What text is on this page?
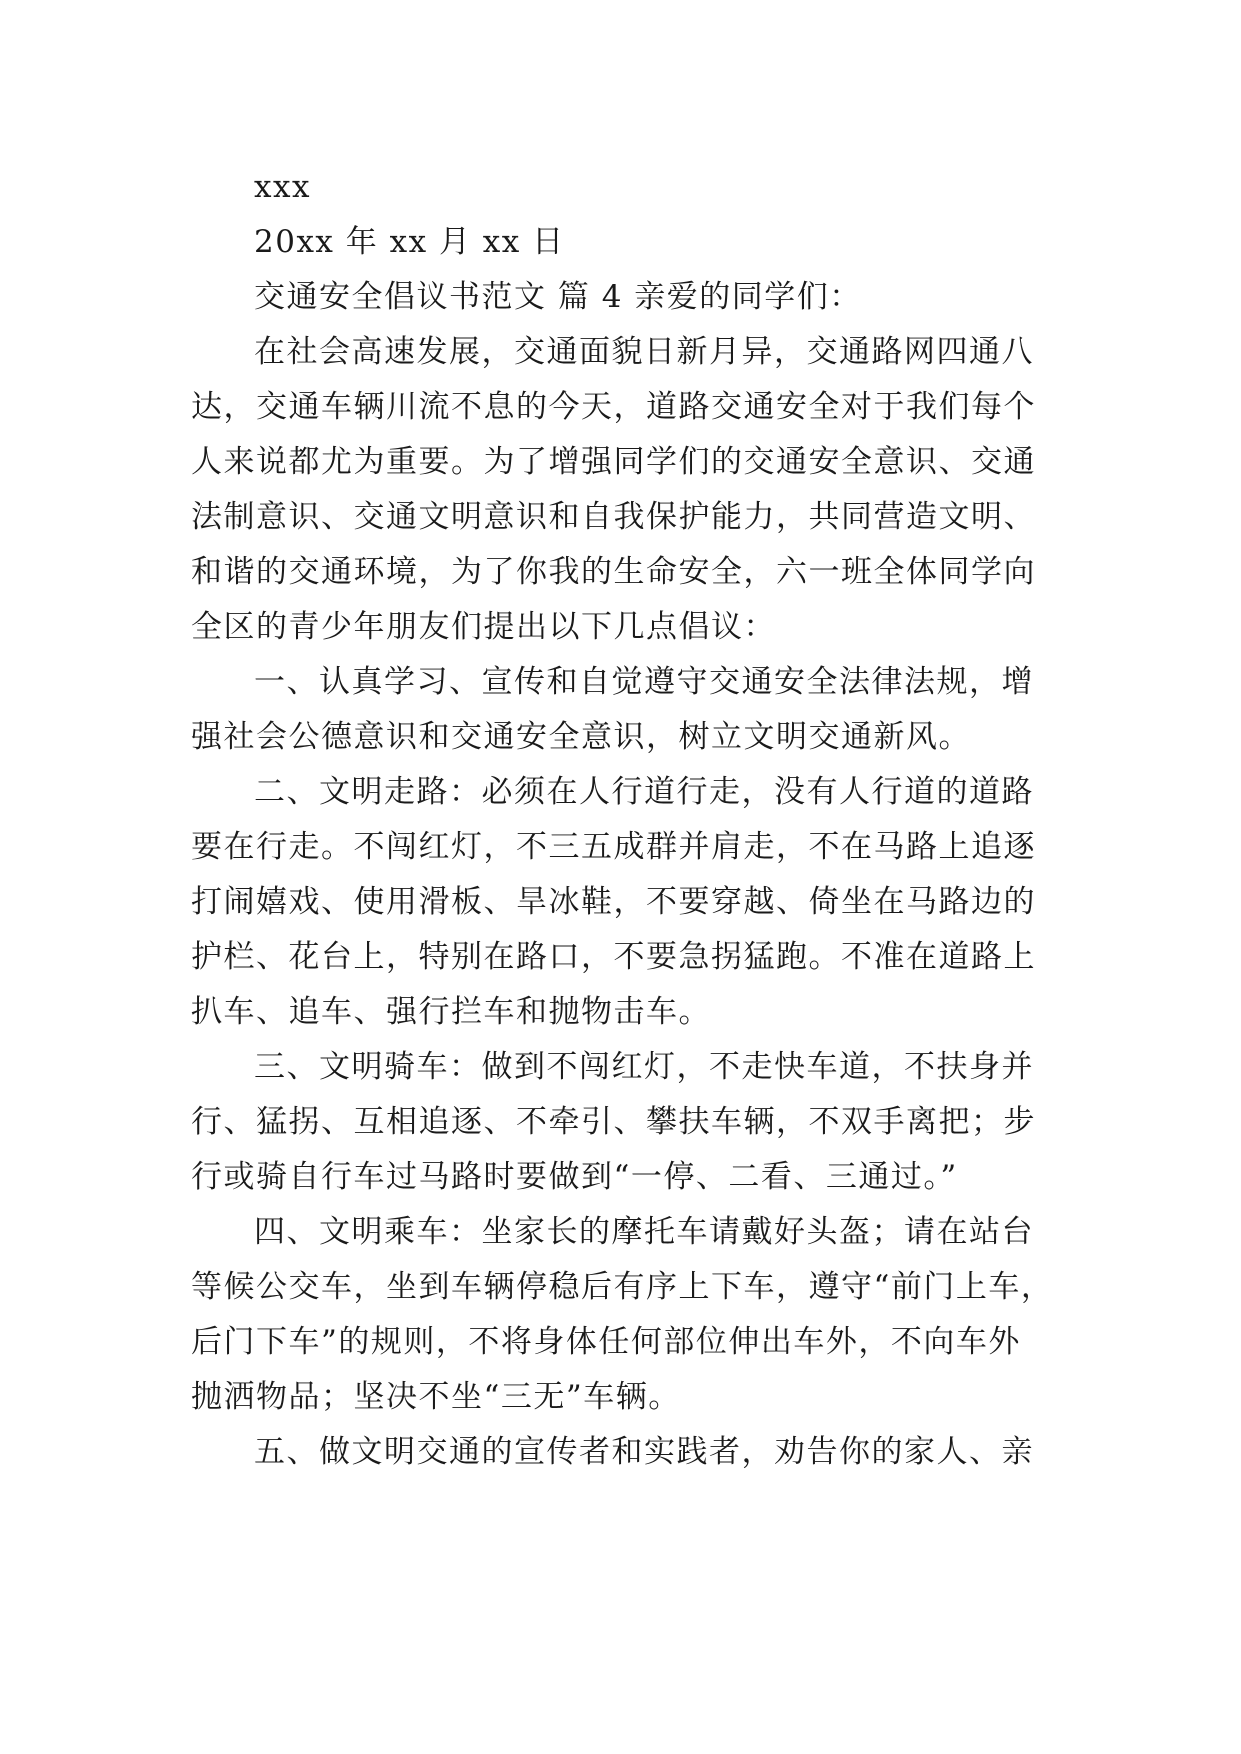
xxx
20xx 年 xx 月 xx 日
交通安全倡议书范文 篇 4 亲爱的同学们：
在社会高速发展，交通面貌日新月异，交通路网四通八
达，交通车辆川流不息的今天，道路交通安全对于我们每个
人来说都尤为重要。为了增强同学们的交通安全意识、交通
法制意识、交通文明意识和自我保护能力，共同营造文明、
和谐的交通环境，为了你我的生命安全，六一班全体同学向
全区的青少年朋友们提出以下几点倡议：
一、认真学习、宣传和自觉遵守交通安全法律法规，增
强社会公德意识和交通安全意识，树立文明交通新风。
二、文明走路：必须在人行道行走，没有人行道的道路
要在行走。不闯红灯，不三五成群并肩走，不在马路上追逐
打闹嬉戏、使用滑板、旱冰鞋，不要穿越、倚坐在马路边的
护栏、花台上，特别在路口，不要急拐猛跑。不准在道路上
扒车、追车、强行拦车和抛物击车。
三、文明骑车：做到不闯红灯，不走快车道，不扶身并
行、猛拐、互相追逐、不牵引、攀扶车辆，不双手离把；步
行或骑自行车过马路时要做到“一停、二看、三通过。”
四、文明乘车：坐家长的摩托车请戴好头盔；请在站台
等候公交车，坐到车辆停稳后有序上下车，遵守“前门上车，
后门下车”的规则，不将身体任何部位伸出车外，不向车外
抛洒物品；坚决不坐“三无”车辆。
五、做文明交通的宣传者和实践者，劝告你的家人、亲
